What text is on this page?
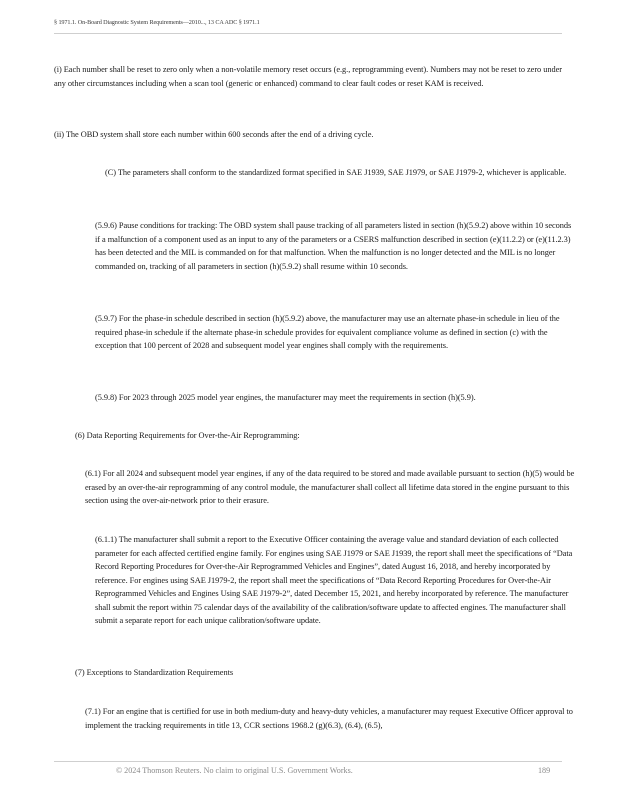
§ 1971.1. On-Board Diagnostic System Requirements—2010..., 13 CA ADC § 1971.1

(i) Each number shall be reset to zero only when a non-volatile memory reset occurs (e.g., reprogramming event). Numbers may not be reset to zero under any other circumstances including when a scan tool (generic or enhanced) command to clear fault codes or reset KAM is received.

(ii) The OBD system shall store each number within 600 seconds after the end of a driving cycle.

(C) The parameters shall conform to the standardized format specified in SAE J1939, SAE J1979, or SAE J1979-2, whichever is applicable.

(5.9.6) Pause conditions for tracking: The OBD system shall pause tracking of all parameters listed in section (h)(5.9.2) above within 10 seconds if a malfunction of a component used as an input to any of the parameters or a CSERS malfunction described in section (e)(11.2.2) or (e)(11.2.3) has been detected and the MIL is commanded on for that malfunction. When the malfunction is no longer detected and the MIL is no longer commanded on, tracking of all parameters in section (h)(5.9.2) shall resume within 10 seconds.

(5.9.7) For the phase-in schedule described in section (h)(5.9.2) above, the manufacturer may use an alternate phase-in schedule in lieu of the required phase-in schedule if the alternate phase-in schedule provides for equivalent compliance volume as defined in section (c) with the exception that 100 percent of 2028 and subsequent model year engines shall comply with the requirements.

(5.9.8) For 2023 through 2025 model year engines, the manufacturer may meet the requirements in section (h)(5.9).

(6) Data Reporting Requirements for Over-the-Air Reprogramming:

(6.1) For all 2024 and subsequent model year engines, if any of the data required to be stored and made available pursuant to section (h)(5) would be erased by an over-the-air reprogramming of any control module, the manufacturer shall collect all lifetime data stored in the engine pursuant to this section using the over-air-network prior to their erasure.

(6.1.1) The manufacturer shall submit a report to the Executive Officer containing the average value and standard deviation of each collected parameter for each affected certified engine family. For engines using SAE J1979 or SAE J1939, the report shall meet the specifications of “Data Record Reporting Procedures for Over-the-Air Reprogrammed Vehicles and Engines”, dated August 16, 2018, and hereby incorporated by reference. For engines using SAE J1979-2, the report shall meet the specifications of “Data Record Reporting Procedures for Over-the-Air Reprogrammed Vehicles and Engines Using SAE J1979-2”, dated December 15, 2021, and hereby incorporated by reference. The manufacturer shall submit the report within 75 calendar days of the availability of the calibration/software update to affected engines. The manufacturer shall submit a separate report for each unique calibration/software update.

(7) Exceptions to Standardization Requirements

(7.1) For an engine that is certified for use in both medium-duty and heavy-duty vehicles, a manufacturer may request Executive Officer approval to implement the tracking requirements in title 13, CCR sections 1968.2 (g)(6.3), (6.4), (6.5),

© 2024 Thomson Reuters. No claim to original U.S. Government Works.	189
